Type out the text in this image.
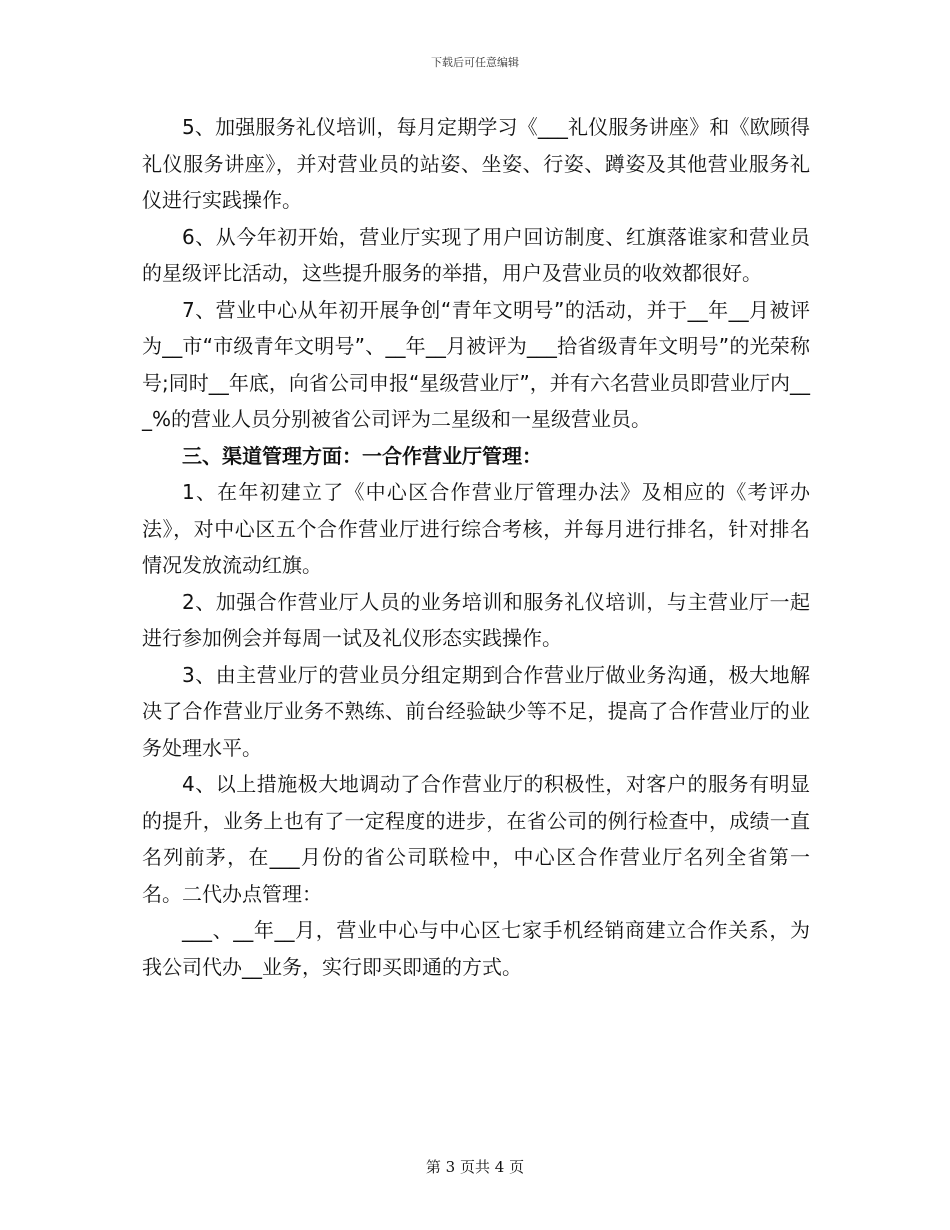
下载后可任意编辑

5、加强服务礼仪培训，每月定期学习《___礼仪服务讲座》和《欧顾得礼仪服务讲座》，并对营业员的站姿、坐姿、行姿、蹲姿及其他营业服务礼仪进行实践操作。

6、从今年初开始，营业厅实现了用户回访制度、红旗落谁家和营业员的星级评比活动，这些提升服务的举措，用户及营业员的收效都很好。

7、营业中心从年初开展争创“青年文明号”的活动，并于__年__月被评为__市“市级青年文明号”、__年__月被评为___拾省级青年文明号”的光荣称号;同时__年底，向省公司申报“星级营业厅”，并有六名营业员即营业厅内___%的营业人员分别被省公司评为二星级和一星级营业员。

三、渠道管理方面：一合作营业厅管理：

1、在年初建立了《中心区合作营业厅管理办法》及相应的《考评办法》，对中心区五个合作营业厅进行综合考核，并每月进行排名，针对排名情况发放流动红旗。

2、加强合作营业厅人员的业务培训和服务礼仪培训，与主营业厅一起进行参加例会并每周一试及礼仪形态实践操作。

3、由主营业厅的营业员分组定期到合作营业厅做业务沟通，极大地解决了合作营业厅业务不熟练、前台经验缺少等不足，提高了合作营业厅的业务处理水平。

4、以上措施极大地调动了合作营业厅的积极性，对客户的服务有明显的提升，业务上也有了一定程度的进步，在省公司的例行检查中，成绩一直名列前茅，在___月份的省公司联检中，中心区合作营业厅名列全省第一名。二代办点管理：

___、__年__月，营业中心与中心区七家手机经销商建立合作关系，为我公司代办__业务，实行即买即通的方式。

第 3 页共 4 页
